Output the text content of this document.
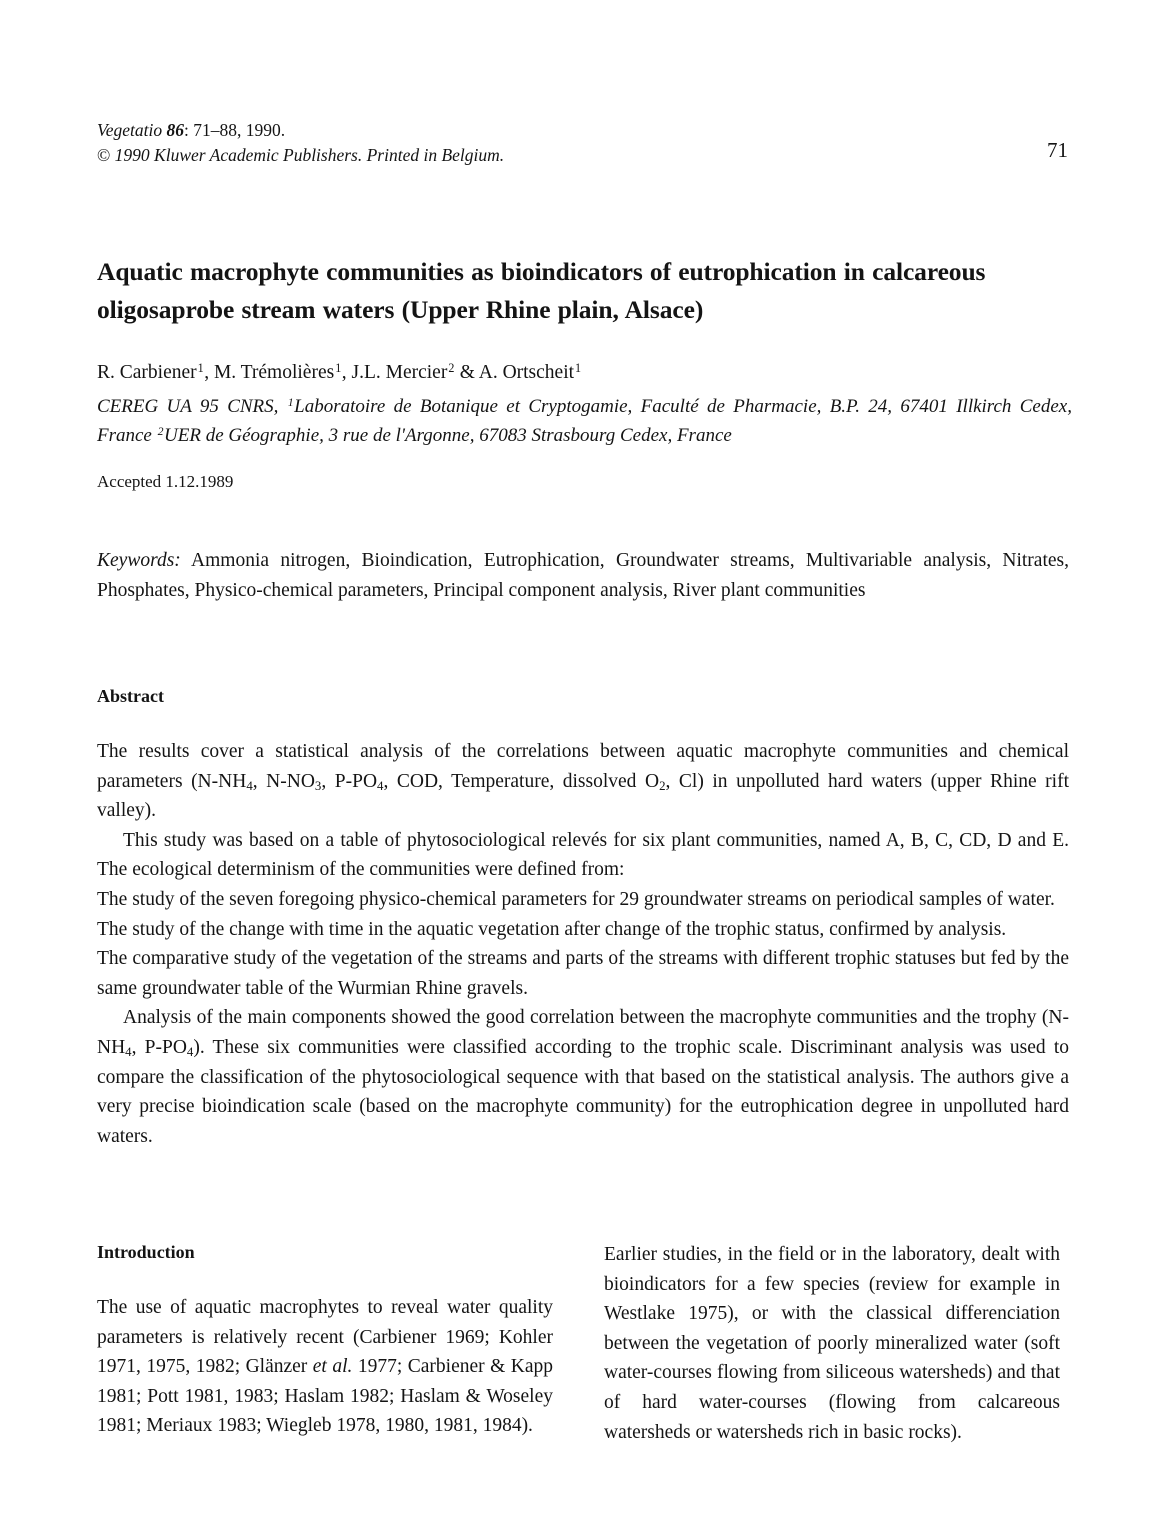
Vegetatio 86: 71–88, 1990.
© 1990 Kluwer Academic Publishers. Printed in Belgium.	71
Aquatic macrophyte communities as bioindicators of eutrophication in calcareous oligosaprobe stream waters (Upper Rhine plain, Alsace)
R. Carbiener$^1$, M. Trémolières$^1$, J.L. Mercier$^2$ & A. Ortscheit$^1$
CEREG UA 95 CNRS, $^1$Laboratoire de Botanique et Cryptogamie, Faculté de Pharmacie, B.P. 24, 67401 Illkirch Cedex, France $^2$UER de Géographie, 3 rue de l'Argonne, 67083 Strasbourg Cedex, France
Accepted 1.12.1989
Keywords: Ammonia nitrogen, Bioindication, Eutrophication, Groundwater streams, Multivariable analysis, Nitrates, Phosphates, Physico-chemical parameters, Principal component analysis, River plant communities
Abstract

The results cover a statistical analysis of the correlations between aquatic macrophyte communities and chemical parameters ($N-NH_4$, $N-NO_3$, $P-PO_4$, COD, Temperature, dissolved $O_2$, Cl) in unpolluted hard waters (upper Rhine rift valley).

This study was based on a table of phytosociological relevés for six plant communities, named A, B, C, CD, D and E. The ecological determinism of the communities were defined from:

The study of the seven foregoing physico-chemical parameters for 29 groundwater streams on periodical samples of water.

The study of the change with time in the aquatic vegetation after change of the trophic status, confirmed by analysis.

The comparative study of the vegetation of the streams and parts of the streams with different trophic statuses but fed by the same groundwater table of the Wurmian Rhine gravels.

Analysis of the main components showed the good correlation between the macrophyte communities and the trophy ($N-NH_4$, $P-PO_4$). These six communities were classified according to the trophic scale. Discriminant analysis was used to compare the classification of the phytosociological sequence with that based on the statistical analysis. The authors give a very precise bioindication scale (based on the macrophyte community) for the eutrophication degree in unpolluted hard waters.

Introduction

The use of aquatic macrophytes to reveal water quality parameters is relatively recent (Carbiener 1969; Kohler 1971, 1975, 1982; Glänzer et al. 1977; Carbiener & Kapp 1981; Pott 1981, 1983; Haslam 1982; Haslam & Woseley 1981; Meriaux 1983; Wiegleb 1978, 1980, 1981, 1984).

Earlier studies, in the field or in the laboratory, dealt with bioindicators for a few species (review for example in Westlake 1975), or with the classical differenciation between the vegetation of poorly mineralized water (soft water-courses flowing from siliceous watersheds) and that of hard water-courses (flowing from calcareous watersheds or watersheds rich in basic rocks).
